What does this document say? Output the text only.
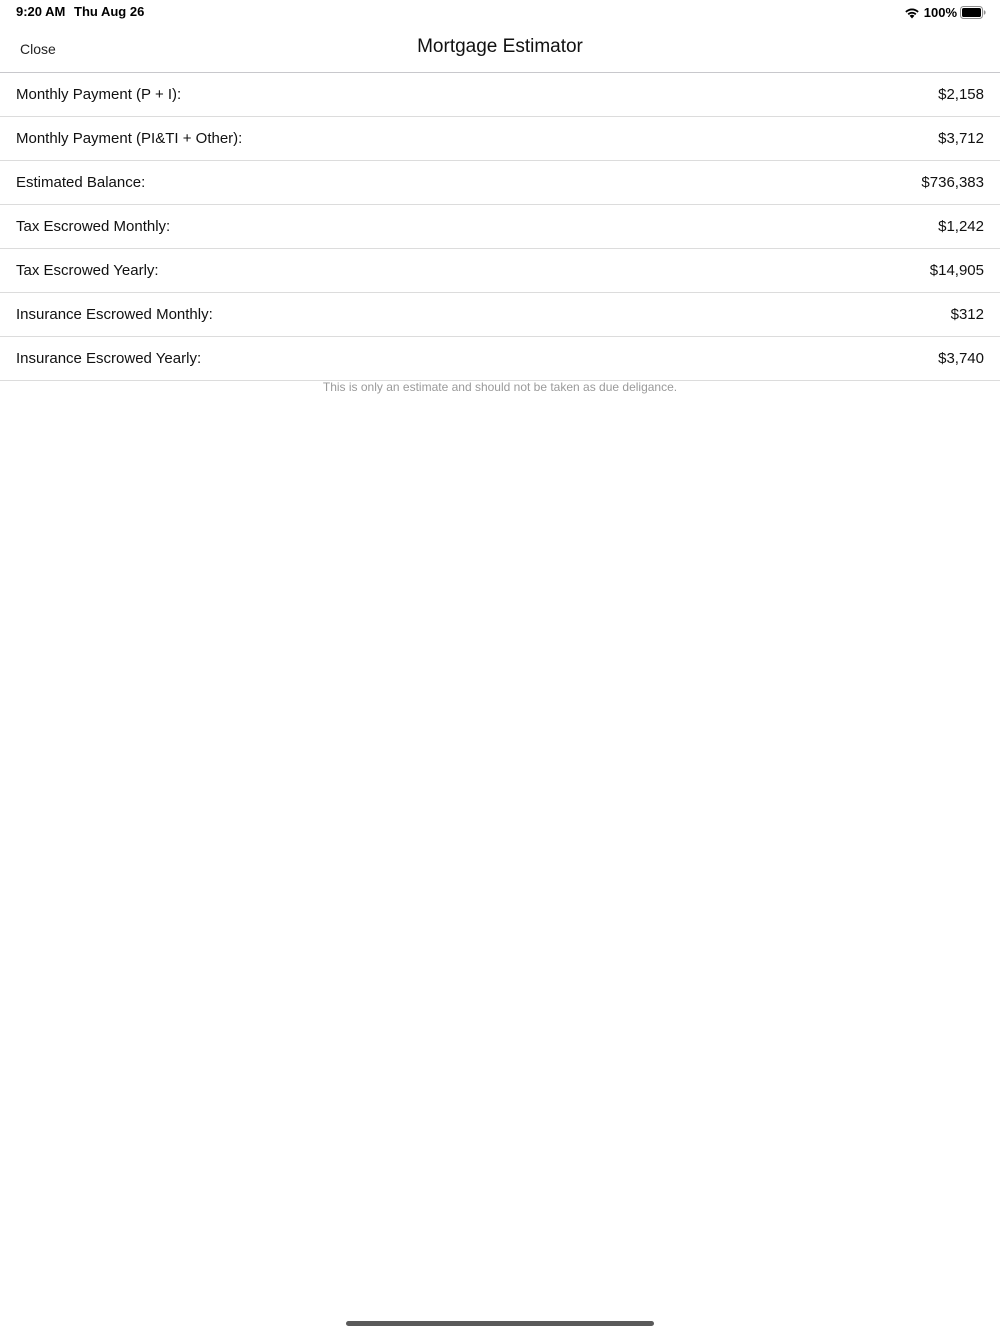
9:20 AM Thu Aug 26	100%
Close	Mortgage Estimator
Monthly Payment (P + I):	$2,158
Monthly Payment (PI&TI + Other):	$3,712
Estimated Balance:	$736,383
Tax Escrowed Monthly:	$1,242
Tax Escrowed Yearly:	$14,905
Insurance Escrowed Monthly:	$312
Insurance Escrowed Yearly:	$3,740
This is only an estimate and should not be taken as due deligance.
